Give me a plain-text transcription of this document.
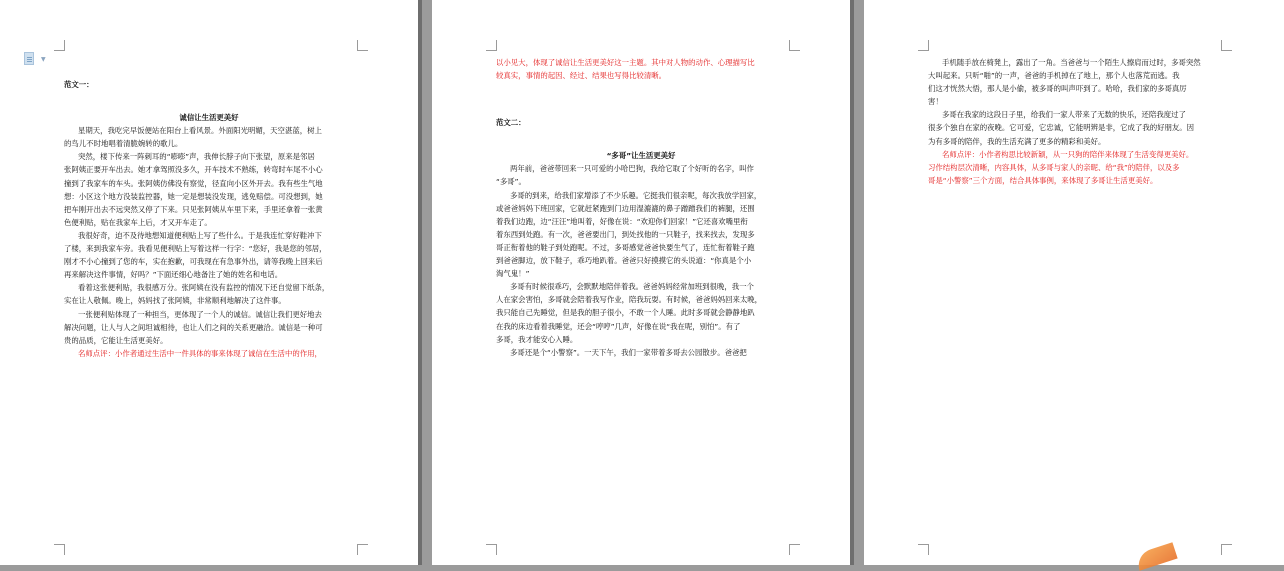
▼

范文一：

诚信让生活更美好

星期天，我吃完早饭便站在阳台上看风景。外面阳光明媚，天空湛蓝，树上

的鸟儿不时地唱着清脆婉转的歌儿。

突然，楼下传来一阵刺耳的“嘭嘭”声，我伸长脖子向下张望，原来是邻居

张阿姨正要开车出去。她才拿驾照没多久，开车技术不熟练，转弯时车尾不小心

撞到了我家车的车头。张阿姨仿佛没有察觉，径直向小区外开去。我有些生气地

想：小区这个地方没装监控器，她一定是想装没发现，逃免赔偿。可没想到，她

把车刚开出去不远突然又停了下来。只见张阿姨从车里下来，手里还拿着一张黄

色便利贴，贴在我家车上后，才又开车走了。

我很好奇，迫不及待地想知道便利贴上写了些什么。于是我连忙穿好鞋冲下

了楼，来到我家车旁。我看见便利贴上写着这样一行字：“您好，我是您的邻居，

刚才不小心撞到了您的车，实在抱歉，可我现在有急事外出，请等我晚上回来后

再来解决这件事情，好吗？”下面还细心地备注了她的姓名和电话。

看着这张便利贴，我很感万分。张阿姨在没有监控的情况下还自觉留下纸条，

实在让人敬佩。晚上，妈妈找了张阿姨，非常顺利地解决了这件事。

一张便利贴体现了一种担当，更体现了一个人的诚信。诚信让我们更好地去

解决问题，让人与人之间坦诚相待，也让人们之间的关系更融洽。诚信是一种可

贵的品质，它能让生活更美好。

名师点评：小作者通过生活中一件具体的事来体现了诚信在生活中的作用，

以小见大，体现了诚信让生活更美好这一主题。其中对人物的动作、心理描写比

较真实，事情的起因、经过、结果也写得比较清晰。

范文二：

“多哥”让生活更美好

两年前，爸爸带回来一只可爱的小哈巴狗，我给它取了个好听的名字，叫作

“多哥”。

多哥的到来，给我们家增添了不少乐趣。它挺我们很亲呢，每次我放学回家，

或爸爸妈妈下班回家，它就赶紧跑到门边用湿漉漉的鼻子蹭蹭我们的裤腿，还围

着我们边跑，边“汪汪”地叫着，好像在说：“欢迎你们回家！”它还喜欢嘴里衔

着东西到处跑。有一次，爸爸要出门，到处找他的一只鞋子，找来找去，发现多

哥正衔着他的鞋子到处跑呢。不过，多哥感觉爸爸快要生气了，连忙衔着鞋子跑

到爸爸脚边，放下鞋子，乖巧地趴着。爸爸只好摸摸它的头说道：“你真是个小

淘气鬼！”

多哥有时候很乖巧，会默默地陪伴着我。爸爸妈妈经常加班到很晚，我一个

人在家会害怕，多哥就会陪着我写作业，陪我玩耍。有时候，爸爸妈妈回来太晚，

我只能自己先睡觉，但是我的胆子很小，不敢一个人睡。此时多哥就会静静地趴

在我的床边看着我睡觉，还会“哼哼”几声，好像在说“我在呢，别怕”。有了

多哥，我才能安心入睡。

多哥还是个“小警察”。一天下午，我们一家带着多哥去公园散步。爸爸把

手机随手放在椅凳上，露出了一角。当爸爸与一个陌生人擦肩而过时，多哥突然

大叫起来。只听“啪”的一声，爸爸的手机掉在了地上，那个人也落荒而逃。我

们这才恍然大悟，那人是小偷，被多哥的叫声吓到了。哈哈，我们家的多哥真厉

害！

多哥在我家的这段日子里，给我们一家人带来了无数的快乐，还陪我度过了

很多个独自在家的夜晚。它可爱，它忠诚，它能明辨是非，它成了我的好朋友。因

为有多哥的陪伴，我的生活充满了更多的精彩和美好。

名师点评：小作者构思比较新颖，从一只狗的陪伴来体现了生活变得更美好。

习作结构层次清晰，内容具体，从多哥与家人的亲昵、给“我”的陪伴，以及多

哥是“小警察”三个方面，结合具体事例，来体现了多哥让生活更美好。
